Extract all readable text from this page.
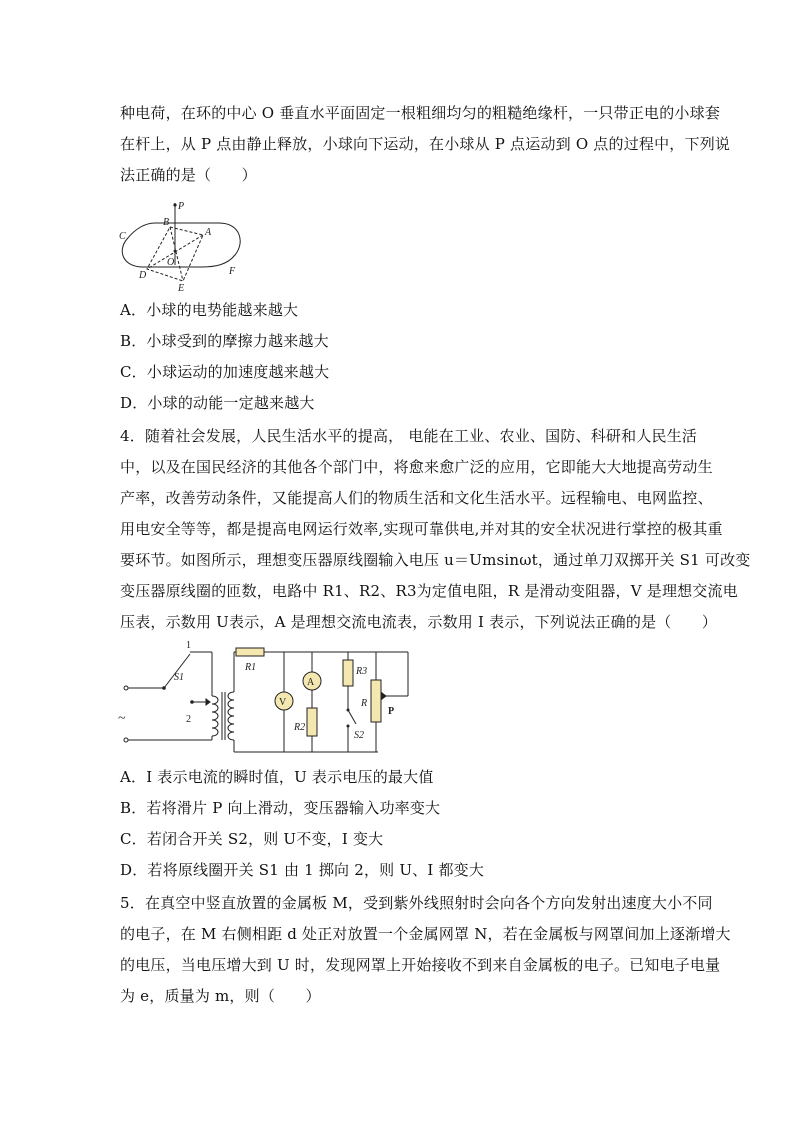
种电荷，在环的中心 O 垂直水平面固定一根粗细均匀的粗糙绝缘杆，一只带正电的小球套
在杆上，从 P 点由静止释放，小球向下运动，在小球从 P 点运动到 O 点的过程中，下列说
法正确的是（　　）
P
B
A
C
O
D
E
F
A．小球的电势能越来越大
B．小球受到的摩擦力越来越大
C．小球运动的加速度越来越大
D．小球的动能一定越来越大
4．随着社会发展，人民生活水平的提高， 电能在工业、农业、国防、科研和人民生活
中，以及在国民经济的其他各个部门中，将愈来愈广泛的应用，它即能大大地提高劳动生
产率，改善劳动条件，又能提高人们的物质生活和文化生活水平。远程输电、电网监控、
用电安全等等，都是提高电网运行效率,实现可靠供电,并对其的安全状况进行掌控的极其重
要环节。如图所示，理想变压器原线圈输入电压 u＝Umsinωt，通过单刀双掷开关 S1 可改变
变压器原线圈的匝数，电路中 R1、R2、R3为定值电阻，R 是滑动变阻器，V 是理想交流电
压表，示数用 U表示，A 是理想交流电流表，示数用 I 表示，下列说法正确的是（　　）
1
2
S1
~
R1
V
A
R2
R3
S2
R
P
A．I 表示电流的瞬时值，U 表示电压的最大值
B．若将滑片 P 向上滑动，变压器输入功率变大
C．若闭合开关 S2，则 U不变，I 变大
D．若将原线圈开关 S1 由 1 掷向 2，则 U、I 都变大
5．在真空中竖直放置的金属板 M，受到紫外线照射时会向各个方向发射出速度大小不同
的电子，在 M 右侧相距 d 处正对放置一个金属网罩 N，若在金属板与网罩间加上逐渐增大
的电压，当电压增大到 U 时，发现网罩上开始接收不到来自金属板的电子。已知电子电量
为 e，质量为 m，则（　　）
